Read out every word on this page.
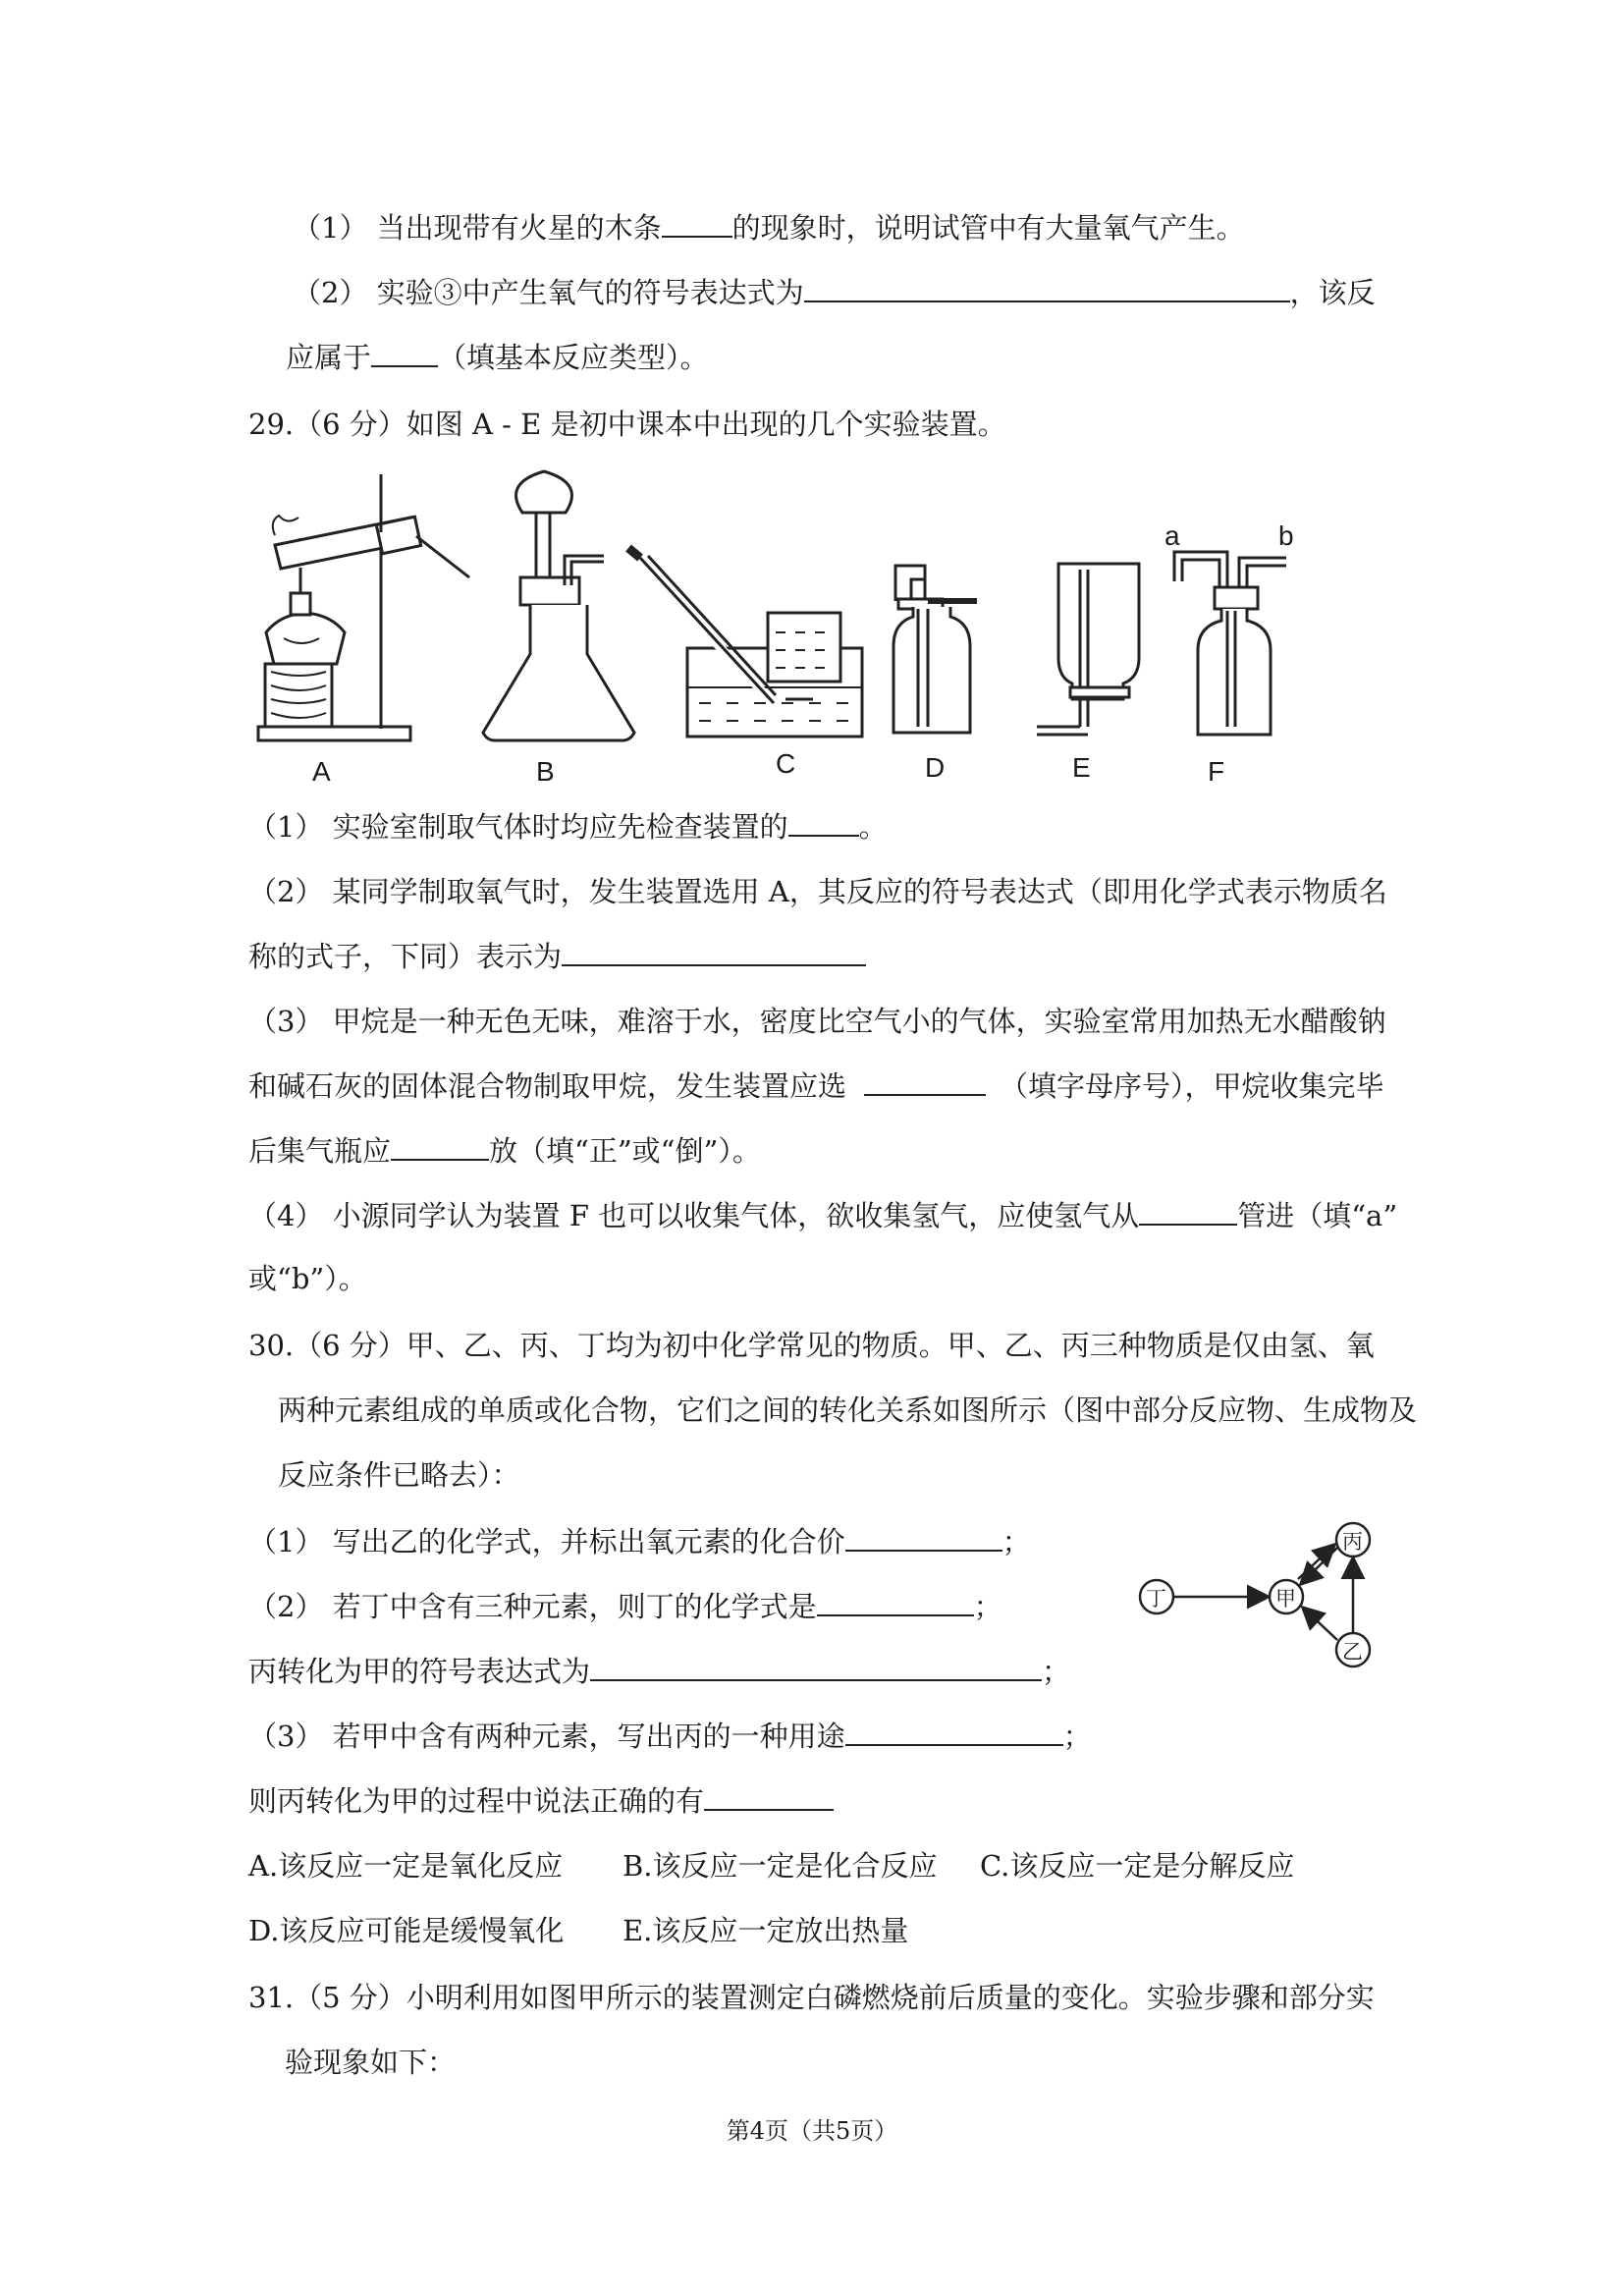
（1） 当出现带有火星的木条 的现象时，说明试管中有大量氧气产生。
（2） 实验③中产生氧气的符号表达式为	，该反
应属于 （填基本反应类型）。
29.（6 分）如图 A - E 是初中课本中出现的几个实验装置。
A	B	C	D	E	F
a	b
（1） 实验室制取气体时均应先检查装置的 。
（2） 某同学制取氧气时，发生装置选用 A，其反应的符号表达式（即用化学式表示物质名
称的式子，下同）表示为
（3） 甲烷是一种无色无味，难溶于水，密度比空气小的气体，实验室常用加热无水醋酸钠
和碱石灰的固体混合物制取甲烷，发生装置应选	（填字母序号），甲烷收集完毕
后集气瓶应	放（填“正”或“倒”）。
（4） 小源同学认为装置 F 也可以收集气体，欲收集氢气，应使氢气从	管进（填“a”
或“b”）。
30.（6 分）甲、乙、丙、丁均为初中化学常见的物质。甲、乙、丙三种物质是仅由氢、氧
两种元素组成的单质或化合物，它们之间的转化关系如图所示（图中部分反应物、生成物及
反应条件已略去）：
（1） 写出乙的化学式，并标出氧元素的化合价	；
（2） 若丁中含有三种元素，则丁的化学式是	；
丙转化为甲的符号表达式为	；
（3） 若甲中含有两种元素，写出丙的一种用途	；
则丙转化为甲的过程中说法正确的有
A.该反应一定是氧化反应 B.该反应一定是化合反应 C.该反应一定是分解反应
D.该反应可能是缓慢氧化 E.该反应一定放出热量
31.（5 分）小明利用如图甲所示的装置测定白磷燃烧前后质量的变化。实验步骤和部分实
验现象如下：
丁	甲
丙
乙
第4页（共5页）
